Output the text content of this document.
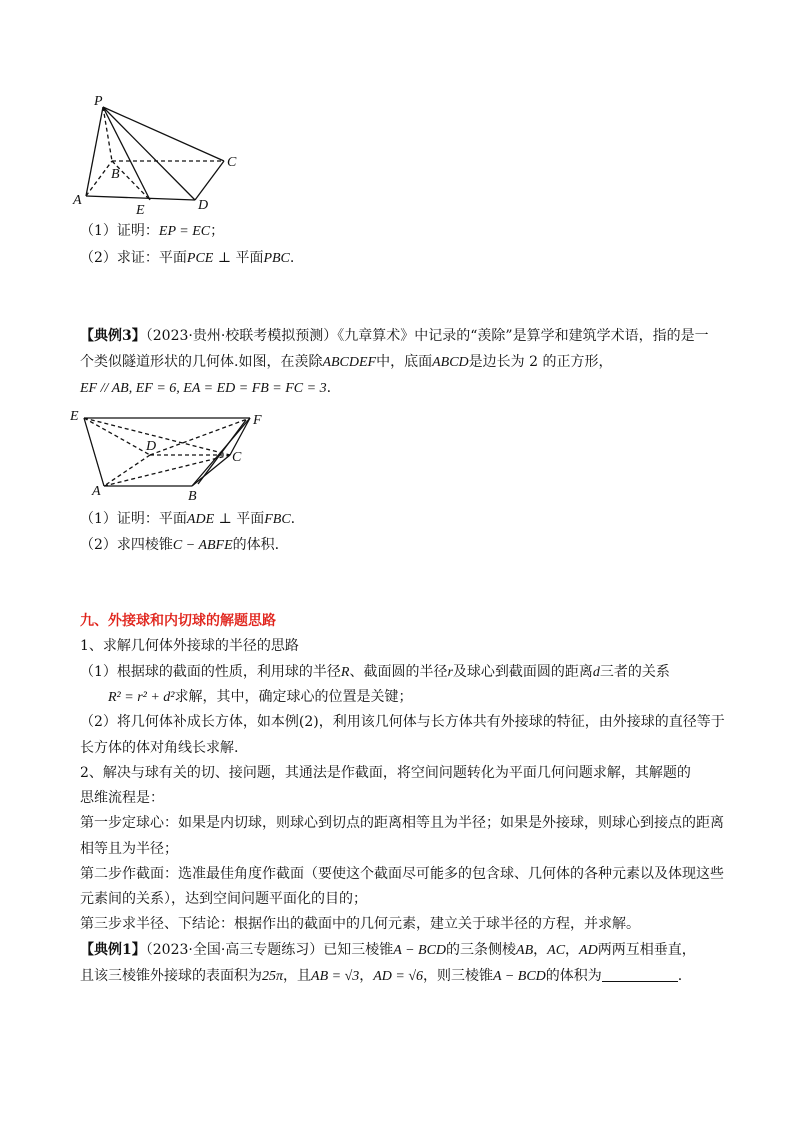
P
B
C
A
E	D
（1）证明：EP = EC；
（2）求证：平面PCE ⊥ 平面PBC.
【典例3】（2023·贵州·校联考模拟预测）《九章算术》中记录的“羡除”是算学和建筑学术语，指的是一
个类似隧道形状的几何体.如图，在羡除ABCDEF中，底面ABCD是边长为 2 的正方形，
EF // AB, EF = 6, EA = ED = FB = FC = 3.
E	F
D
C
A	B
（1）证明：平面ADE ⊥ 平面FBC.
（2）求四棱锥C − ABFE的体积.
九、外接球和内切球的解题思路
1、求解几何体外接球的半径的思路
（1）根据球的截面的性质，利用球的半径R、截面圆的半径r及球心到截面圆的距离d三者的关系
R² = r² + d²求解，其中，确定球心的位置是关键；
（2）将几何体补成长方体，如本例(2)，利用该几何体与长方体共有外接球的特征，由外接球的直径等于
长方体的体对角线长求解.
2、解决与球有关的切、接问题，其通法是作截面，将空间问题转化为平面几何问题求解，其解题的
思维流程是：
第一步定球心：如果是内切球，则球心到切点的距离相等且为半径；如果是外接球，则球心到接点的距离
相等且为半径；
第二步作截面：选准最佳角度作截面（要使这个截面尽可能多的包含球、几何体的各种元素以及体现这些
元素间的关系），达到空间问题平面化的目的；
第三步求半径、下结论：根据作出的截面中的几何元素，建立关于球半径的方程，并求解。
【典例1】（2023·全国·高三专题练习）已知三棱锥A − BCD的三条侧棱AB，AC，AD两两互相垂直，
且该三棱锥外接球的表面积为25π，且AB = √3，AD = √6，则三棱锥A − BCD的体积为	.
